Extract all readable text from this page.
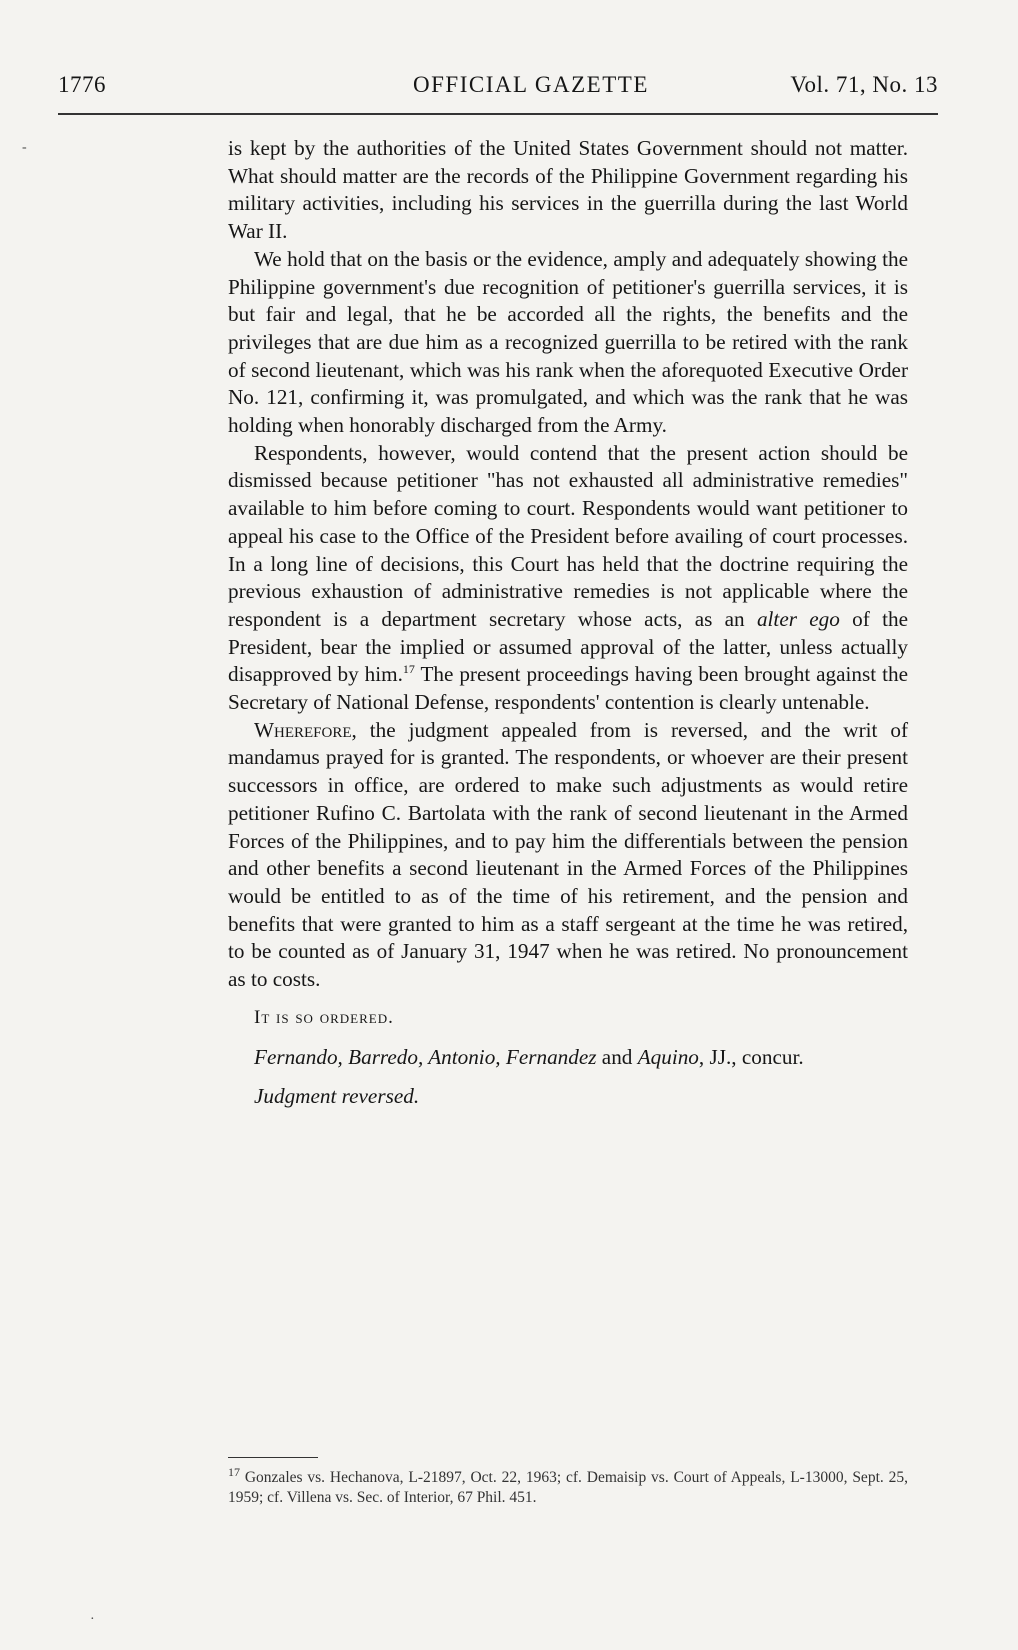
1776	OFFICIAL GAZETTE	Vol. 71, No. 13
-	is kept by the authorities of the United States Government should not matter. What should matter are the records of the Philippine Government regarding his military activities, including his services in the guerrilla during the last World War II.

We hold that on the basis or the evidence, amply and adequately showing the Philippine government's due recognition of petitioner's guerrilla services, it is but fair and legal, that he be accorded all the rights, the benefits and the privileges that are due him as a recognized guerrilla to be retired with the rank of second lieutenant, which was his rank when the aforequoted Executive Order No. 121, confirming it, was promulgated, and which was the rank that he was holding when honorably discharged from the Army.

Respondents, however, would contend that the present action should be dismissed because petitioner "has not exhausted all administrative remedies" available to him before coming to court. Respondents would want petitioner to appeal his case to the Office of the President before availing of court processes. In a long line of decisions, this Court has held that the doctrine requiring the previous exhaustion of administrative remedies is not applicable where the respondent is a department secretary whose acts, as an alter ego of the President, bear the implied or assumed approval of the latter, unless actually disapproved by him.$^{17}$ The present proceedings having been brought against the Secretary of National Defense, respondents' contention is clearly untenable.

Wherefore, the judgment appealed from is reversed, and the writ of mandamus prayed for is granted. The respondents, or whoever are their present successors in office, are ordered to make such adjustments as would retire petitioner Rufino C. Bartolata with the rank of second lieutenant in the Armed Forces of the Philippines, and to pay him the differentials between the pension and other benefits a second lieutenant in the Armed Forces of the Philippines would be entitled to as of the time of his retirement, and the pension and benefits that were granted to him as a staff sergeant at the time he was retired, to be counted as of January 31, 1947 when he was retired. No pronouncement as to costs.

It is so ordered.

Fernando, Barredo, Antonio, Fernandez and Aquino, JJ., concur.

Judgment reversed.

$^{17}$ Gonzales vs. Hechanova, L-21897, Oct. 22, 1963; cf. Demaisip vs. Court of Appeals, L-13000, Sept. 25, 1959; cf. Villena vs. Sec. of Interior, 67 Phil. 451.
·
